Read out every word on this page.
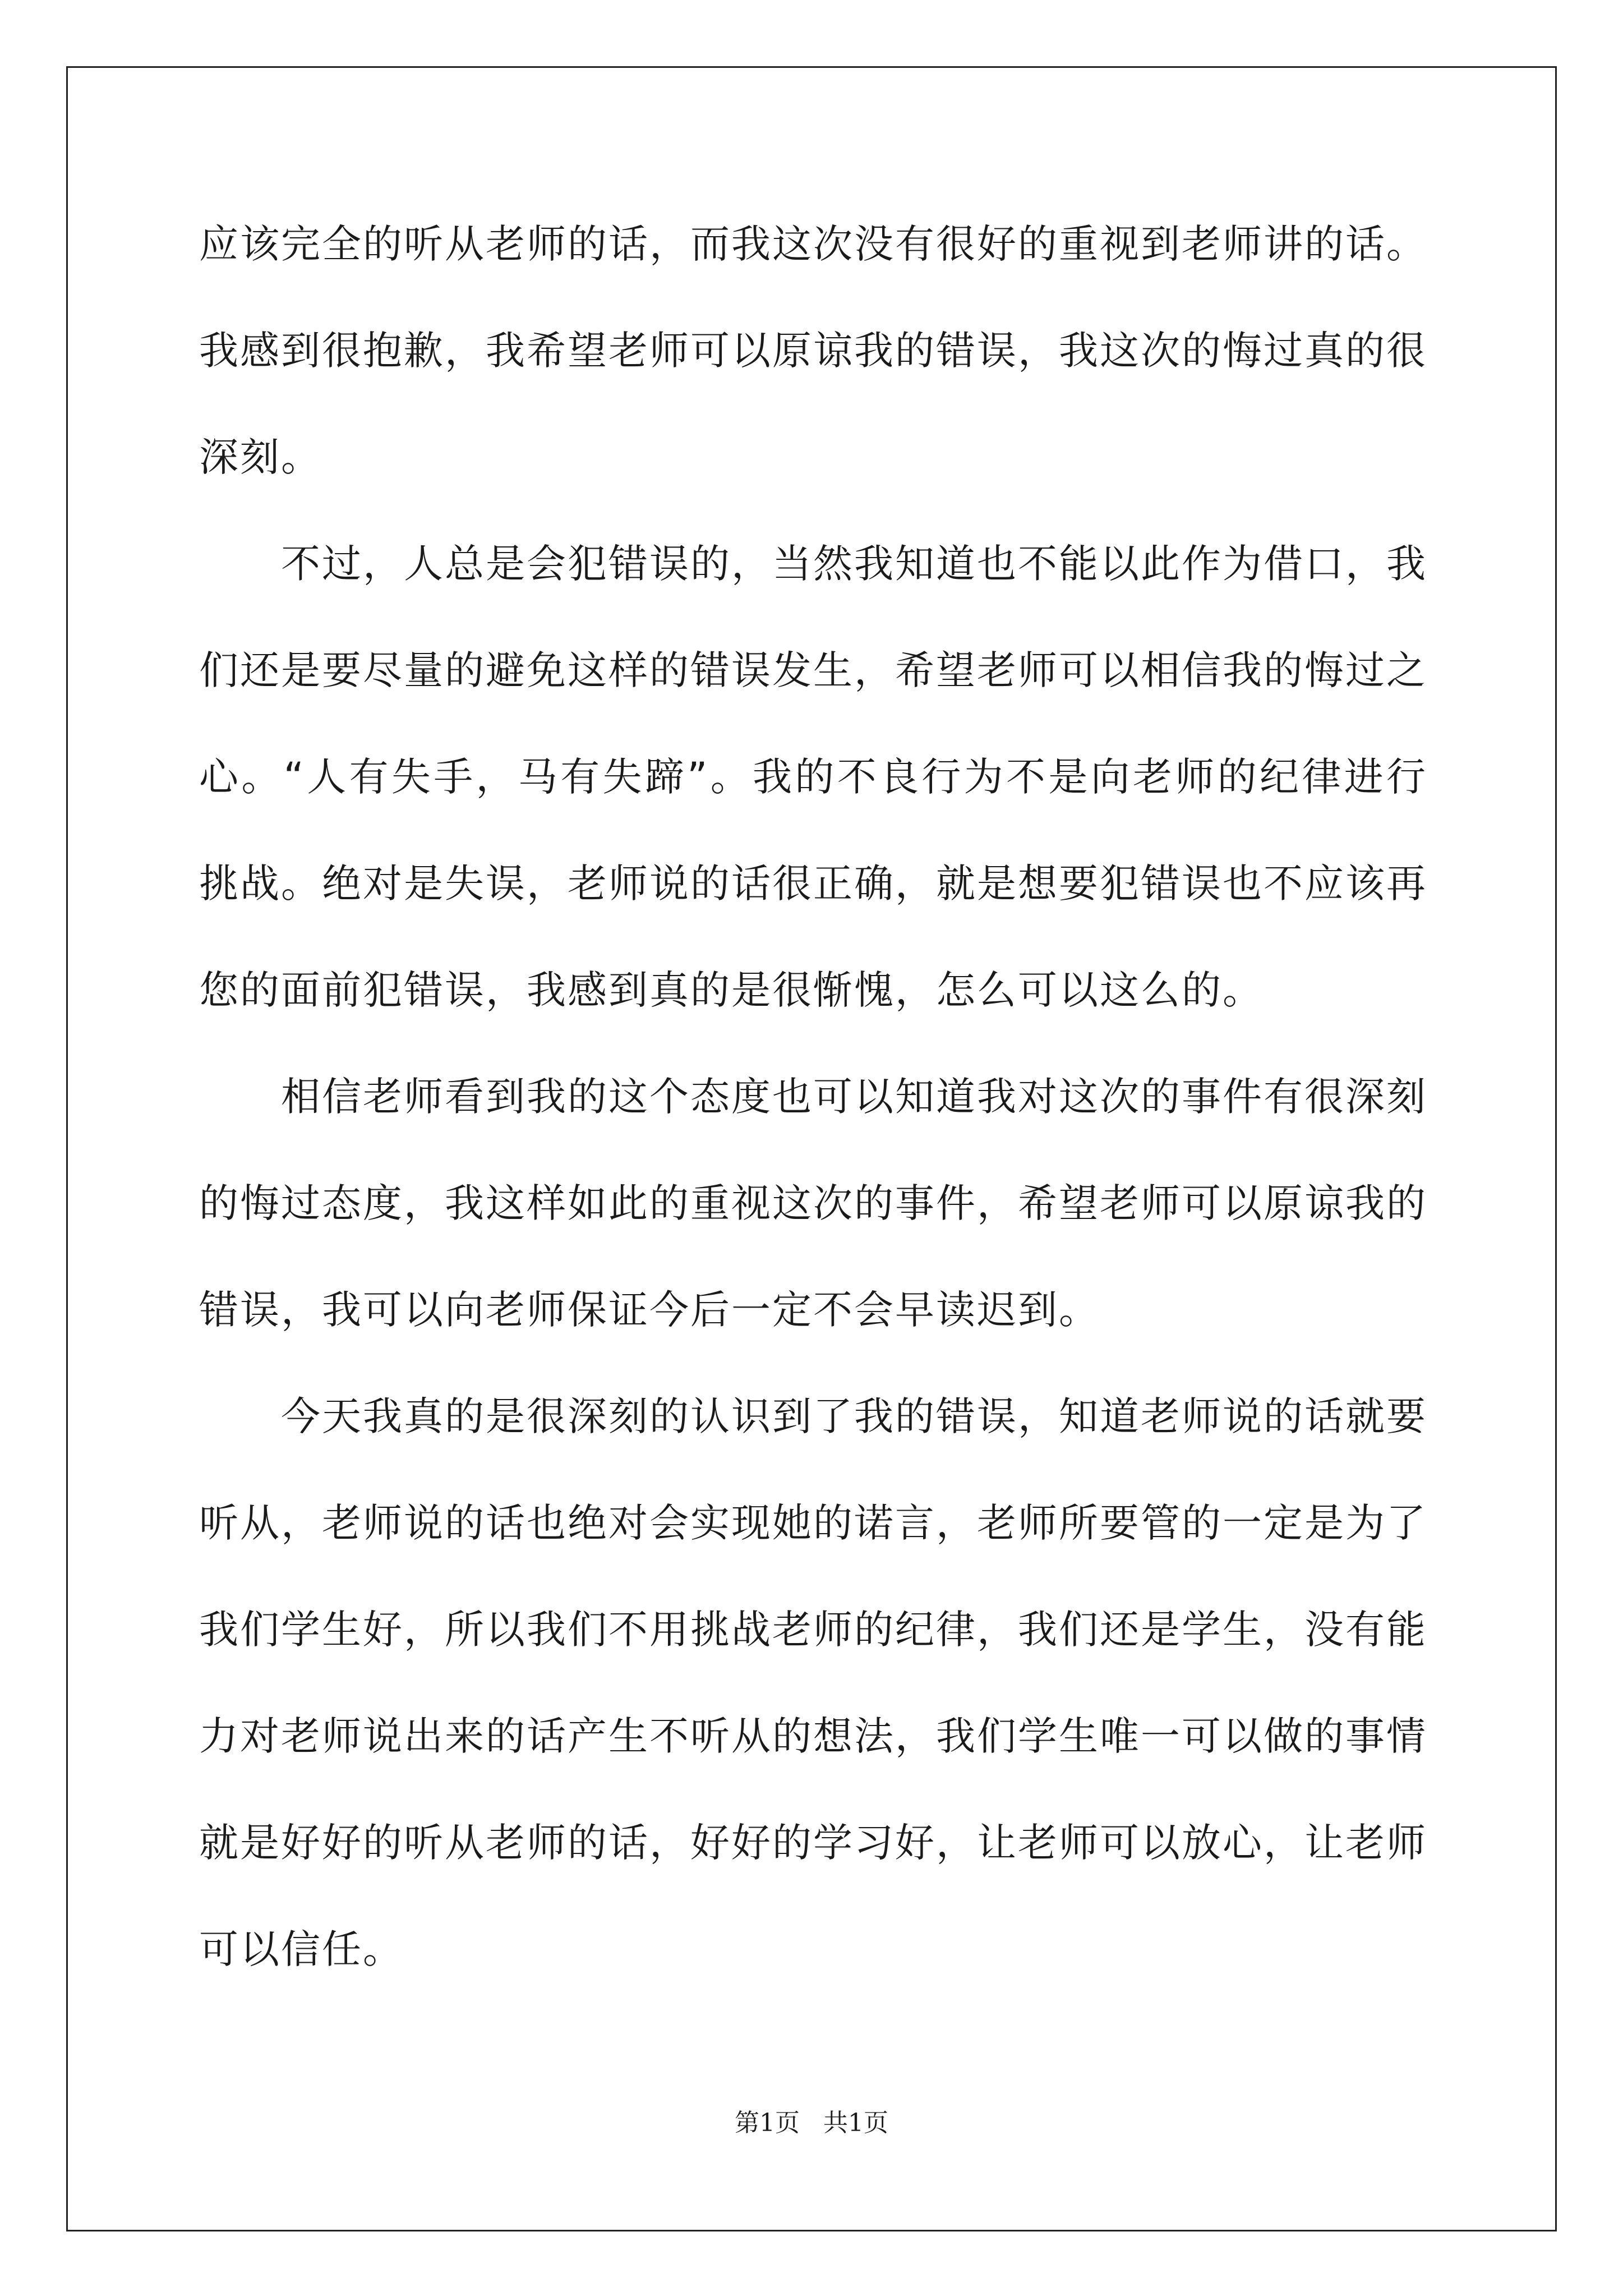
应该完全的听从老师的话，而我这次没有很好的重视到老师讲的话。我感到很抱歉，我希望老师可以原谅我的错误，我这次的悔过真的很深刻。

不过，人总是会犯错误的，当然我知道也不能以此作为借口，我们还是要尽量的避免这样的错误发生，希望老师可以相信我的悔过之心。“人有失手，马有失蹄”。我的不良行为不是向老师的纪律进行挑战。绝对是失误，老师说的话很正确，就是想要犯错误也不应该再您的面前犯错误，我感到真的是很惭愧，怎么可以这么的。

相信老师看到我的这个态度也可以知道我对这次的事件有很深刻的悔过态度，我这样如此的重视这次的事件，希望老师可以原谅我的错误，我可以向老师保证今后一定不会早读迟到。

今天我真的是很深刻的认识到了我的错误，知道老师说的话就要听从，老师说的话也绝对会实现她的诺言，老师所要管的一定是为了我们学生好，所以我们不用挑战老师的纪律，我们还是学生，没有能力对老师说出来的话产生不听从的想法，我们学生唯一可以做的事情就是好好的听从老师的话，好好的学习好，让老师可以放心，让老师可以信任。

第1页   共1页
